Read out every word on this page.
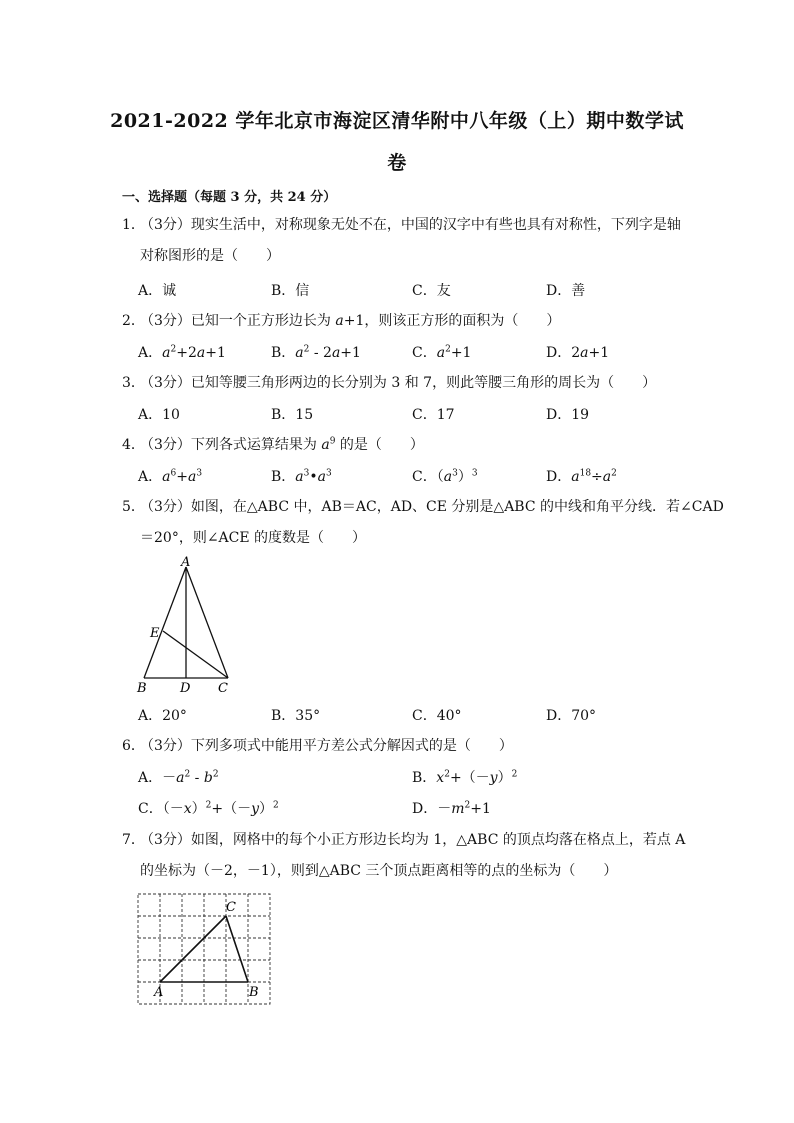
2021-2022 学年北京市海淀区清华附中八年级（上）期中数学试
卷
一、选择题（每题 3 分，共 24 分）
1．（3分）现实生活中，对称现象无处不在，中国的汉字中有些也具有对称性，下列字是轴
对称图形的是（　　）
A．诚	B．信	C．友	D．善
2．（3分）已知一个正方形边长为 a+1，则该正方形的面积为（　　）
A．$a^2+2a+1$	B．$a^2 - 2a+1$	C．$a^2+1$	D．2a+1
3．（3分）已知等腰三角形两边的长分别为 3 和 7，则此等腰三角形的周长为（　　）
A．10	B．15	C．17	D．19
4．（3分）下列各式运算结果为 $a^9$ 的是（　　）
A．$a^6+a^3$	B．$a^3•a^3$	C．$(a^3)^3$	D．$a^{18}\div a^2$
5．（3分）如图，在△ABC 中，AB＝AC，AD、CE 分别是△ABC 的中线和角平分线．若∠CAD
＝20°，则∠ACE 的度数是（　　）
A
E
B	D C
A．20°	B．35°	C．40°	D．70°
6．（3分）下列多项式中能用平方差公式分解因式的是（　　）
A．$-a^2 - b^2$	B．$x^2+(-y)^2$
C．$(-x)^2+(-y)^2$	D．$-m^2+1$
7．（3分）如图，网格中的每个小正方形边长均为 1，△ABC 的顶点均落在格点上，若点 A
的坐标为（－2，－1），则到△ABC 三个顶点距离相等的点的坐标为（　　）
A	B
C
